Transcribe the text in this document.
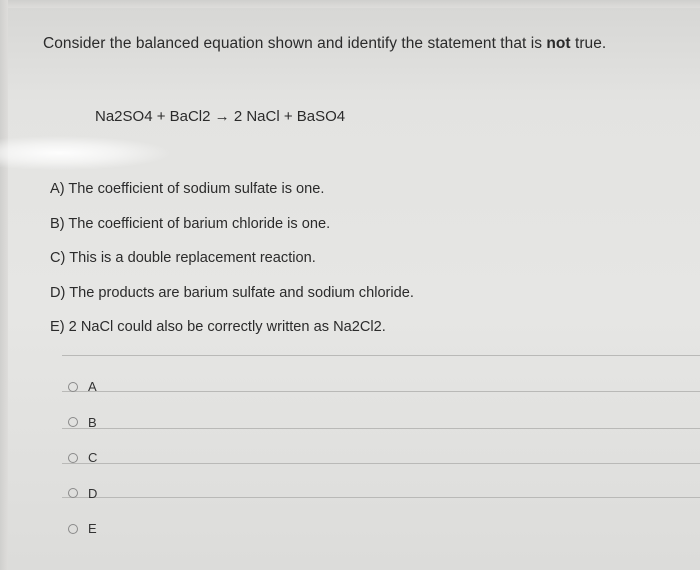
Consider the balanced equation shown and identify the statement that is not true.
Na2SO4 + BaCl2 → 2 NaCl + BaSO4
A) The coefficient of sodium sulfate is one.
B) The coefficient of barium chloride is one.
C) This is a double replacement reaction.
D) The products are barium sulfate and sodium chloride.
E) 2 NaCl could also be correctly written as Na2Cl2.
A
B
C
D
E
